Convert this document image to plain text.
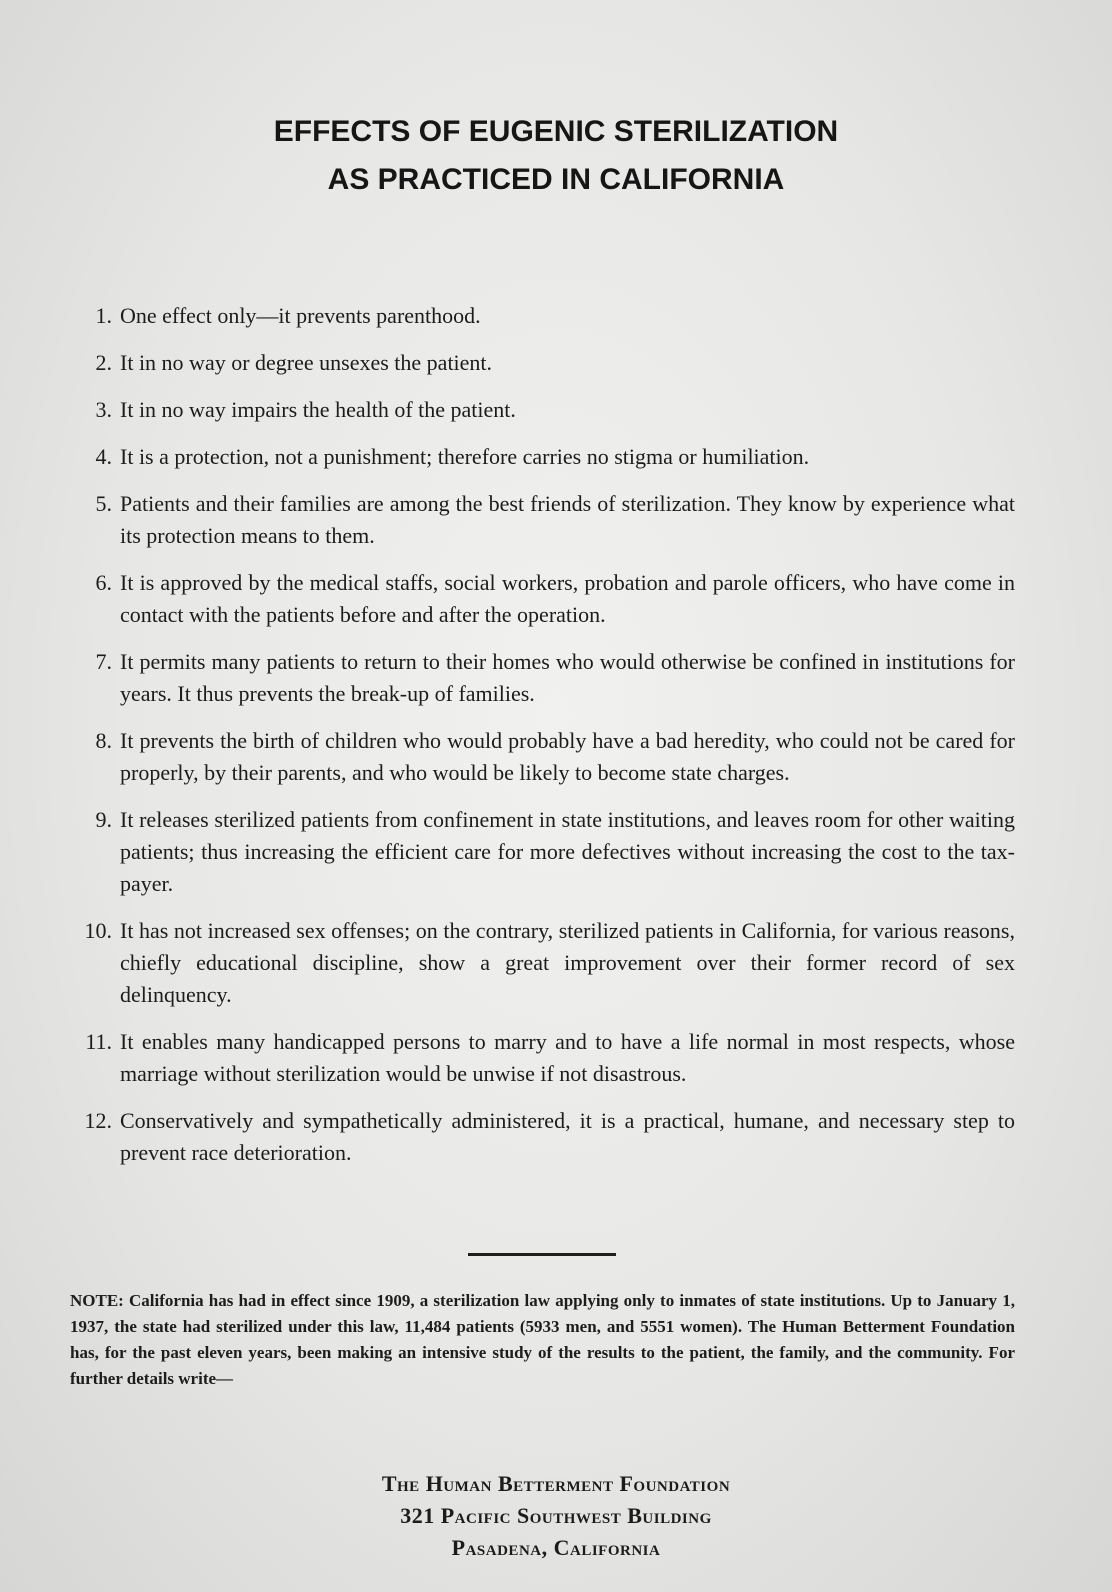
EFFECTS OF EUGENIC STERILIZATION
AS PRACTICED IN CALIFORNIA
1. One effect only—it prevents parenthood.
2. It in no way or degree unsexes the patient.
3. It in no way impairs the health of the patient.
4. It is a protection, not a punishment; therefore carries no stigma or humiliation.
5. Patients and their families are among the best friends of sterilization. They know by experience what its protection means to them.
6. It is approved by the medical staffs, social workers, probation and parole officers, who have come in contact with the patients before and after the operation.
7. It permits many patients to return to their homes who would otherwise be confined in institutions for years. It thus prevents the break-up of families.
8. It prevents the birth of children who would probably have a bad heredity, who could not be cared for properly, by their parents, and who would be likely to become state charges.
9. It releases sterilized patients from confinement in state institutions, and leaves room for other waiting patients; thus increasing the efficient care for more defectives without increasing the cost to the tax-payer.
10. It has not increased sex offenses; on the contrary, sterilized patients in California, for various reasons, chiefly educational discipline, show a great improvement over their former record of sex delinquency.
11. It enables many handicapped persons to marry and to have a life normal in most respects, whose marriage without sterilization would be unwise if not disastrous.
12. Conservatively and sympathetically administered, it is a practical, humane, and necessary step to prevent race deterioration.

NOTE: California has had in effect since 1909, a sterilization law applying only to inmates of state institutions. Up to January 1, 1937, the state had sterilized under this law, 11,484 patients (5933 men, and 5551 women). The Human Betterment Foundation has, for the past eleven years, been making an intensive study of the results to the patient, the family, and the community. For further details write—

The Human Betterment Foundation
321 Pacific Southwest Building
Pasadena, California
